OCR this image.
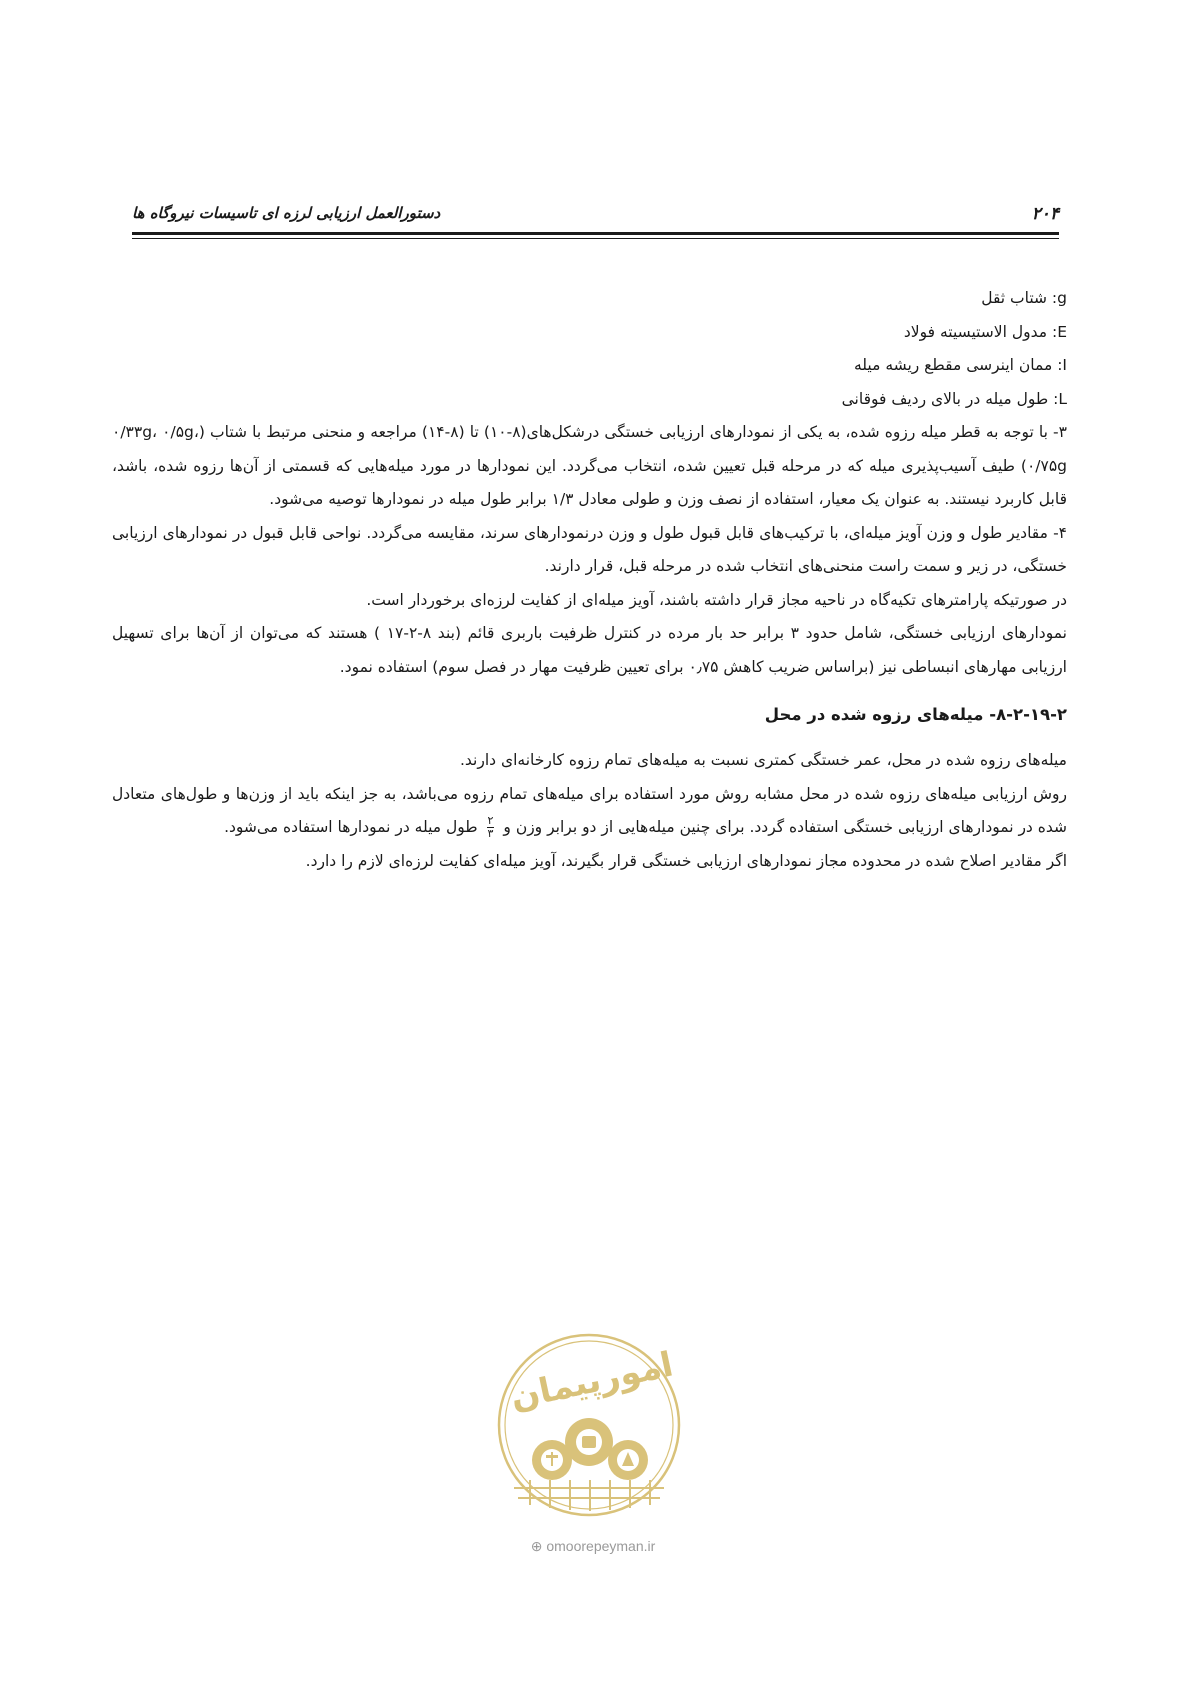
۲۰۴
دستورالعمل ارزیابی لرزه ای تاسیسات نیروگاه ها

g: شتاب ثقل

E: مدول الاستیسیته فولاد

I: ممان اینرسی مقطع ریشه میله

L: طول میله در بالای ردیف فوقانی

۳- با توجه به قطر میله رزوه شده، به یکی از نمودارهای ارزیابی خستگی درشکل‌های(۸-۱۰) تا (۸-۱۴) مراجعه و منحنی مرتبط با شتاب (۰/۳۳g، ۰/۵g، ۰/۷۵g) طیف آسیب‌پذیری میله که در مرحله قبل تعیین شده، انتخاب می‌گردد. این نمودارها در مورد میله‌هایی که قسمتی از آن‌ها رزوه شده، باشد، قابل کاربرد نیستند. به عنوان یک معیار، استفاده از نصف وزن و طولی معادل ۱/۳ برابر طول میله در نمودارها توصیه می‌شود.

۴- مقادیر طول و وزن آویز میله‌ای، با ترکیب‌های قابل قبول طول و وزن درنمودارهای سرند، مقایسه می‌گردد. نواحی قابل قبول در نمودارهای ارزیابی خستگی، در زیر و سمت راست منحنی‌های انتخاب شده در مرحله قبل، قرار دارند.

در صورتیکه پارامترهای تکیه‌گاه در ناحیه مجاز قرار داشته باشند، آویز میله‌ای از کفایت لرزه‌ای برخوردار است.

نمودارهای ارزیابی خستگی، شامل حدود ۳ برابر حد بار مرده در کنترل ظرفیت باربری قائم (بند ۸-۲-۱۷ ) هستند که می‌توان از آن‌ها برای تسهیل ارزیابی مهارهای انبساطی نیز (براساس ضریب کاهش ۰٫۷۵ برای تعیین ظرفیت مهار در فصل سوم) استفاده نمود.

۸-۲-۱۹-۲- میله‌های رزوه شده در محل

میله‌های رزوه شده در محل، عمر خستگی کمتری نسبت به میله‌های تمام رزوه کارخانه‌ای دارند.

روش ارزیابی میله‌های رزوه شده در محل مشابه روش مورد استفاده برای میله‌های تمام رزوه می‌باشد، به جز اینکه باید از وزن‌ها و طول‌های متعادل شده در نمودارهای ارزیابی خستگی استفاده گردد. برای چنین میله‌هایی از دو برابر وزن و
$\frac{۲}{۳}$
طول میله در نمودارها استفاده می‌شود.

اگر مقادیر اصلاح شده در محدوده مجاز نمودارهای ارزیابی خستگی قرار بگیرند، آویز میله‌ای کفایت لرزه‌ای لازم را دارد.

امورپیمان
⊕ omoorepeyman.ir
